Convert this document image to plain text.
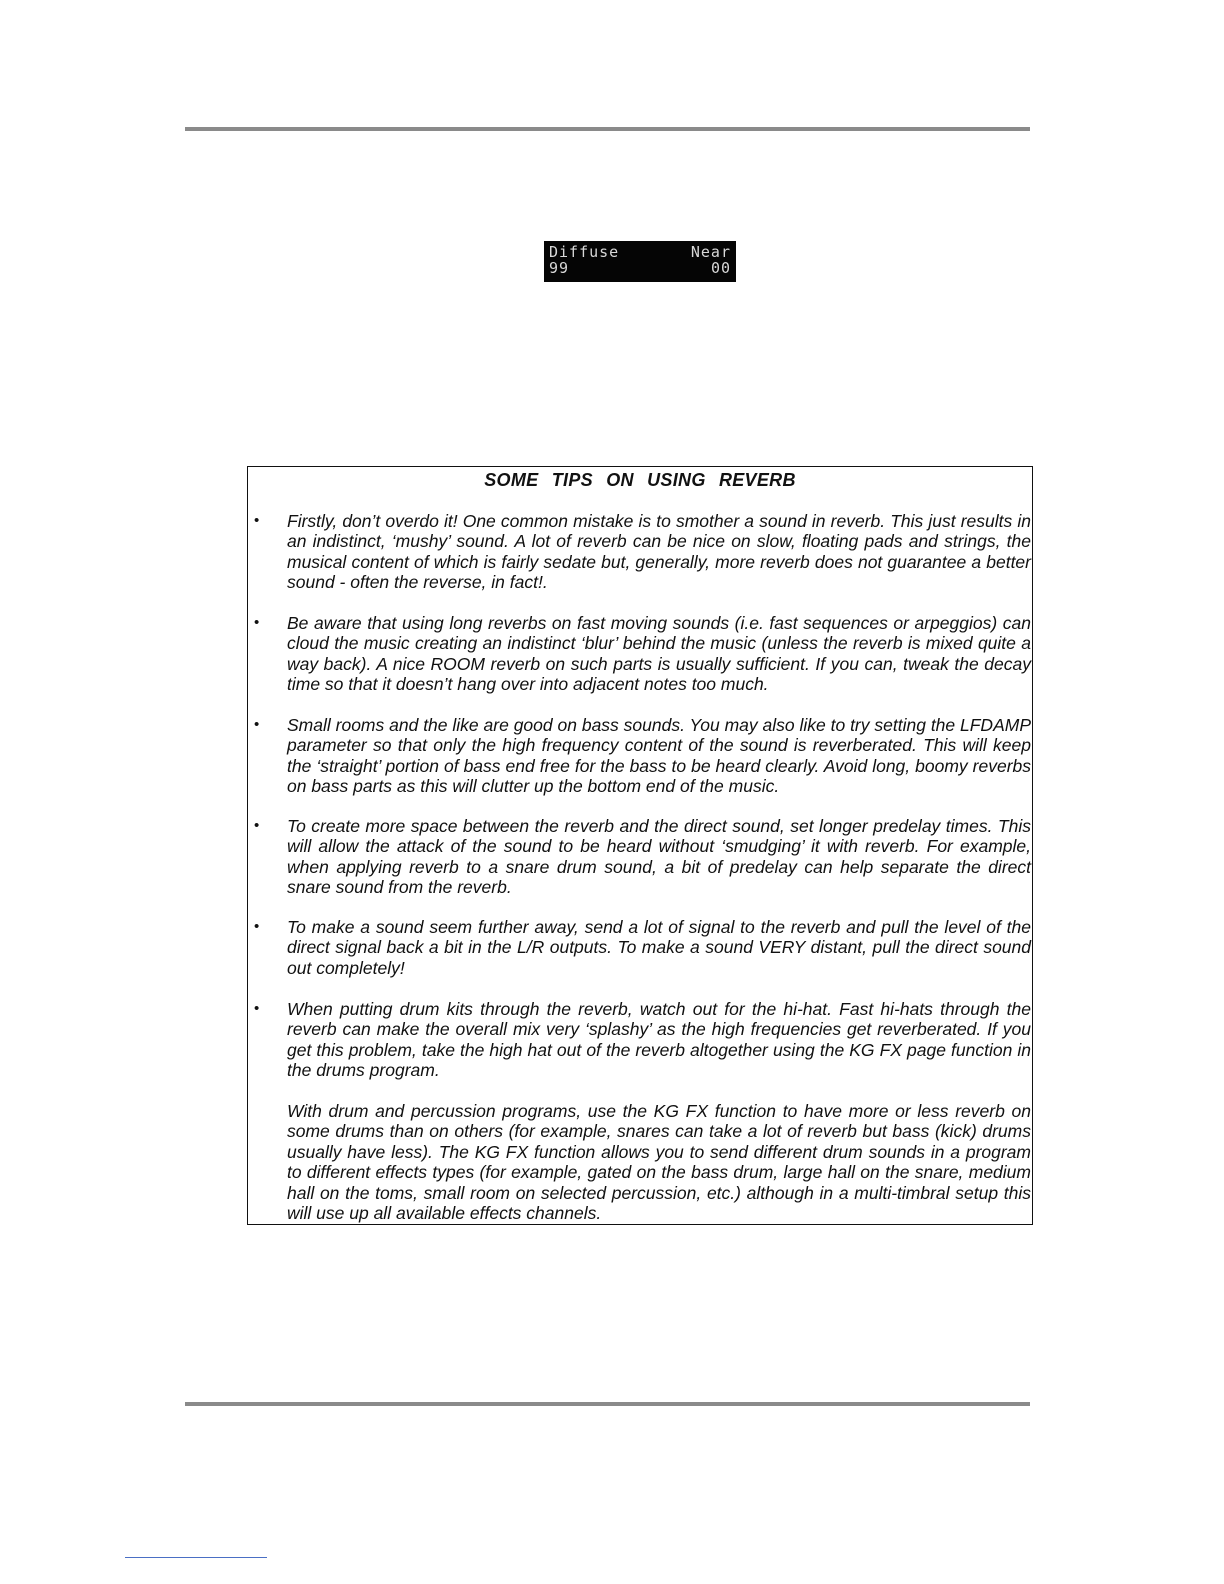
Diffuse	Near
99	00
SOME TIPS ON USING REVERB
•	Firstly, don’t overdo it! One common mistake is to smother a sound in reverb. This just results in an indistinct, ‘mushy’ sound. A lot of reverb can be nice on slow, floating pads and strings, the musical content of which is fairly sedate but, generally, more reverb does not guarantee a better sound - often the reverse, in fact!.

•	Be aware that using long reverbs on fast moving sounds (i.e. fast sequences or arpeggios) can cloud the music creating an indistinct ‘blur’ behind the music (unless the reverb is mixed quite a way back). A nice ROOM reverb on such parts is usually sufficient. If you can, tweak the decay time so that it doesn’t hang over into adjacent notes too much.

•	Small rooms and the like are good on bass sounds. You may also like to try setting the LFDAMP parameter so that only the high frequency content of the sound is reverberated. This will keep the ‘straight’ portion of bass end free for the bass to be heard clearly. Avoid long, boomy reverbs on bass parts as this will clutter up the bottom end of the music.

•	To create more space between the reverb and the direct sound, set longer predelay times. This will allow the attack of the sound to be heard without ‘smudging’ it with reverb. For example, when applying reverb to a snare drum sound, a bit of predelay can help separate the direct snare sound from the reverb.

•	To make a sound seem further away, send a lot of signal to the reverb and pull the level of the direct signal back a bit in the L/R outputs. To make a sound VERY distant, pull the direct sound out completely!

•	When putting drum kits through the reverb, watch out for the hi-hat. Fast hi-hats through the reverb can make the overall mix very ‘splashy’ as the high frequencies get reverberated. If you get this problem, take the high hat out of the reverb altogether using the KG FX page function in the drums program.

With drum and percussion programs, use the KG FX function to have more or less reverb on some drums than on others (for example, snares can take a lot of reverb but bass (kick) drums usually have less). The KG FX function allows you to send different drum sounds in a program to different effects types (for example, gated on the bass drum, large hall on the snare, medium hall on the toms, small room on selected percussion, etc.) although in a multi-timbral setup this will use up all available effects channels.
